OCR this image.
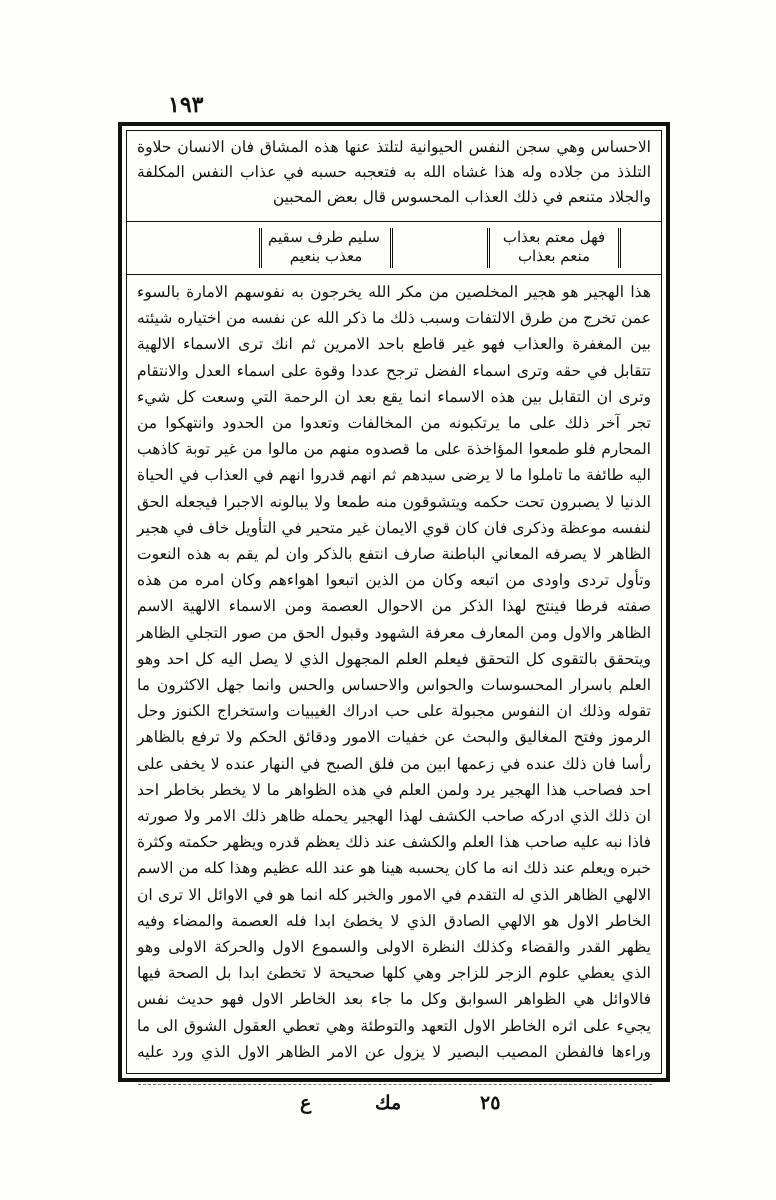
١٩٣
الاحساس وهي سجن النفس الحيوانية لتلتذ عنها هذه المشاق فان الانسان حلاوة التلذذ من جلاده وله هذا غشاه الله به فتعجبه حسبه في عذاب النفس المكلفة والجلاد متنعم في ذلك العذاب المحسوس قال بعض المحبين
فهل معتم بعذاب
منعم بعذاب
سليم طرف سقيم
معذب بنعيم

هذا الهجير هو هجير المخلصين من مكر الله يخرجون به نفوسهم الامارة بالسوء عمن تخرج من طرق الالتفات وسبب ذلك ما ذكر الله عن نفسه من اختياره شيئته بين المغفرة والعذاب فهو غير قاطع باحد الامرين ثم انك ترى الاسماء الالهية تتقابل في حقه وترى اسماء الفضل ترجح عددا وقوة على اسماء العدل والانتقام وترى ان التقابل بين هذه الاسماء انما يقع بعد ان الرحمة التي وسعت كل شيء تجر آخر ذلك على ما يرتكبونه من المخالفات وتعدوا من الحدود وانتهكوا من المحارم فلو طمعوا المؤاخذة على ما قصدوه منهم من مالوا من غير توبة كاذهب اليه طائفة ما تاملوا ما لا يرضى سيدهم ثم انهم قدروا انهم في العذاب في الحياة الدنيا لا يصبرون تحت حكمه ويتشوقون منه طمعا ولا يبالونه الاجبرا فيجعله الحق لنفسه موعظة وذكرى فان كان قوي الايمان غير متحير في التأويل خاف في هجير الظاهر لا يصرفه المعاني الباطنة صارف انتفع بالذكر وان لم يقم به هذه النعوت وتأول تردى واودى من اتبعه وكان من الذين اتبعوا اهواءهم وكان امره من هذه صفته فرطا فينتج لهذا الذكر من الاحوال العصمة ومن الاسماء الالهية الاسم الظاهر والاول ومن المعارف معرفة الشهود وقبول الحق من صور التجلي الظاهر ويتحقق بالتقوى كل التحقق فيعلم العلم المجهول الذي لا يصل اليه كل احد وهو العلم باسرار المحسوسات والحواس والاحساس والحس وانما جهل الاكثرون ما تقوله وذلك ان النفوس مجبولة على حب ادراك الغيبيات واستخراج الكنوز وحل الرموز وفتح المغاليق والبحث عن خفيات الامور ودقائق الحكم ولا ترفع بالظاهر رأسا فان ذلك عنده في زعمها ابين من فلق الصبح في النهار عنده لا يخفى على احد فصاحب هذا الهجير يرد ولمن العلم في هذه الظواهر ما لا يخطر بخاطر احد ان ذلك الذي ادركه صاحب الكشف لهذا الهجير يحمله ظاهر ذلك الامر ولا صورته فاذا نبه عليه صاحب هذا العلم والكشف عند ذلك يعظم قدره ويظهر حكمته وكثرة خبره ويعلم عند ذلك انه ما كان يحسبه هينا هو عند الله عظيم وهذا كله من الاسم الالهي الظاهر الذي له التقدم في الامور والخبر كله انما هو في الاوائل الا ترى ان الخاطر الاول هو الالهي الصادق الذي لا يخطئ ابدا فله العصمة والمضاء وفيه يظهر القدر والقضاء وكذلك النظرة الاولى والسموع الاول والحركة الاولى وهو الذي يعطي علوم الزجر للزاجر وهي كلها صحيحة لا تخطئ ابدا بل الصحة فيها فالاوائل هي الظواهر السوابق وكل ما جاء بعد الخاطر الاول فهو حديث نفس يجيء على اثره الخاطر الاول التعهد والتوطئة وهي تعطي العقول الشوق الى ما وراءها فالفطن المصيب البصير لا يزول عن الامر الظاهر الاول الذي ورد عليه

ع	مك	٢٥
